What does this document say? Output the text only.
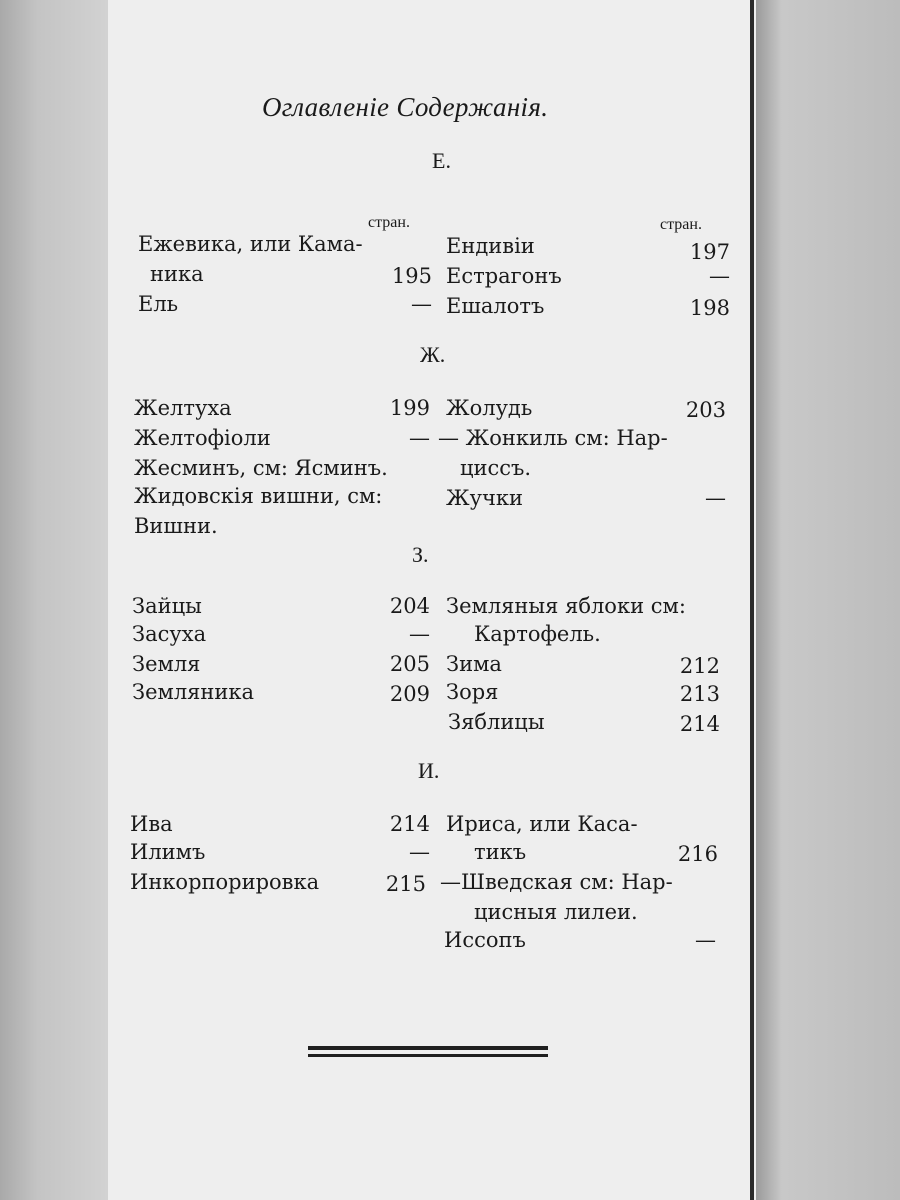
Оглавленіе Содержанія.
Е.
стран.	стран.
Ежевика, или Кама-
ника	195
Ель	—
Ендивіи	197
Естрагонъ	—
Ешалотъ	198
Ж.
Желтуха	199
Желтофіоли	—
Жесминъ, см: Ясминъ.
Жидовскія вишни, см:
Вишни.
Жолудь	203
— Жонкиль см: Нар-
циссъ.
Жучки	—
З.
Зайцы	204
Засуха	—
Земля	205
Земляника	209
Земляныя яблоки см:
Картофель.
Зима	212
Зоря	213
Зяблицы	214
И.
Ива	214
Илимъ	—
Инкорпорировка	215
Ириса, или Каса-
тикъ	216
—Шведская см: Нар-
цисныя лилеи.
Иссопъ	—
